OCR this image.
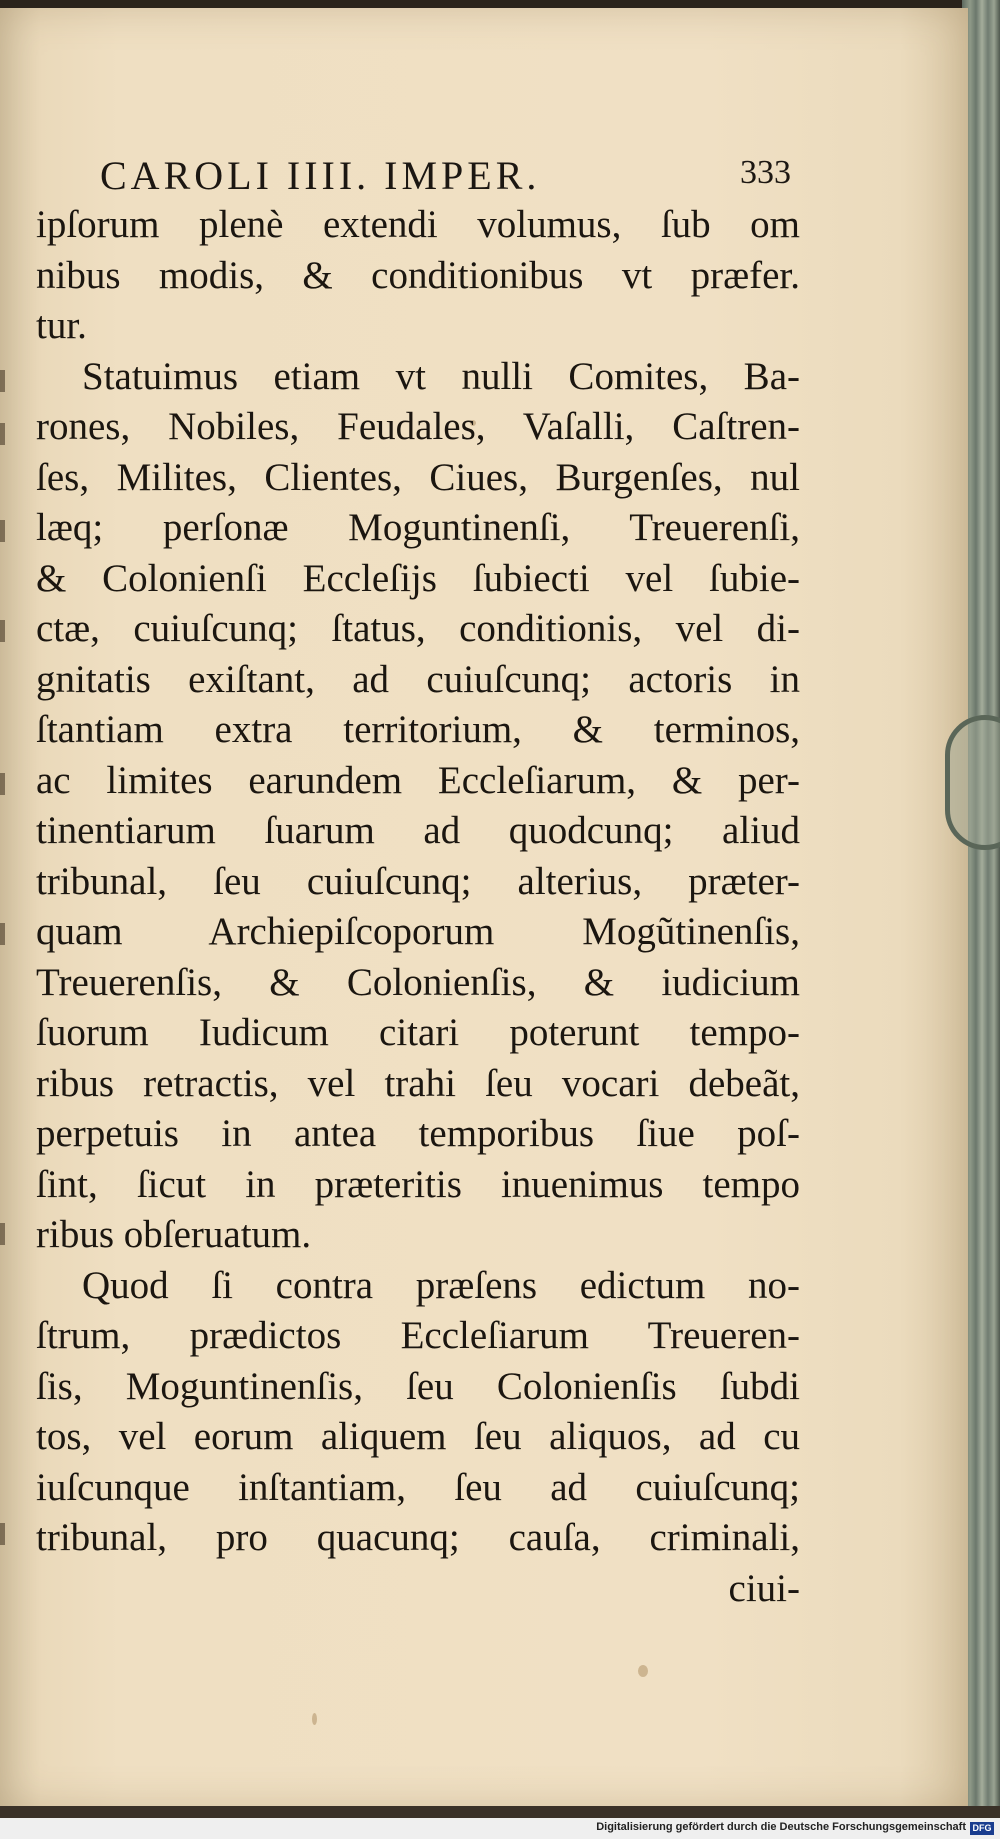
CAROLI IIII. IMPER.	333
ipſorum plenè extendi volumus, ſub om
nibus modis, & conditionibus vt præfer.
tur.
Statuimus etiam vt nulli Comites, Ba-
rones, Nobiles, Feudales, Vaſalli, Caſtren-
ſes, Milites, Clientes, Ciues, Burgenſes, nul
læq; perſonæ Moguntinenſi, Treuerenſi,
& Colonienſi Eccleſijs ſubiecti vel ſubie-
ctæ, cuiuſcunq; ſtatus, conditionis, vel di-
gnitatis exiſtant, ad cuiuſcunq; actoris in
ſtantiam extra territorium, & terminos,
ac limites earundem Eccleſiarum, & per-
tinentiarum ſuarum ad quodcunq; aliud
tribunal, ſeu cuiuſcunq; alterius, præter-
quam Archiepiſcoporum Mogũtinenſis,
Treuerenſis, & Colonienſis, & iudicium
ſuorum Iudicum citari poterunt tempo-
ribus retractis, vel trahi ſeu vocari debeãt,
perpetuis in antea temporibus ſiue poſ-
ſint, ſicut in præteritis inuenimus tempo
ribus obſeruatum.
Quod ſi contra præſens edictum no-
ſtrum, prædictos Eccleſiarum Treueren-
ſis, Moguntinenſis, ſeu Colonienſis ſubdi
tos, vel eorum aliquem ſeu aliquos, ad cu
iuſcunque inſtantiam, ſeu ad cuiuſcunq;
tribunal, pro quacunq; cauſa, criminali,
ciui-
Digitalisierung gefördert durch die Deutsche Forschungsgemeinschaft DFG
